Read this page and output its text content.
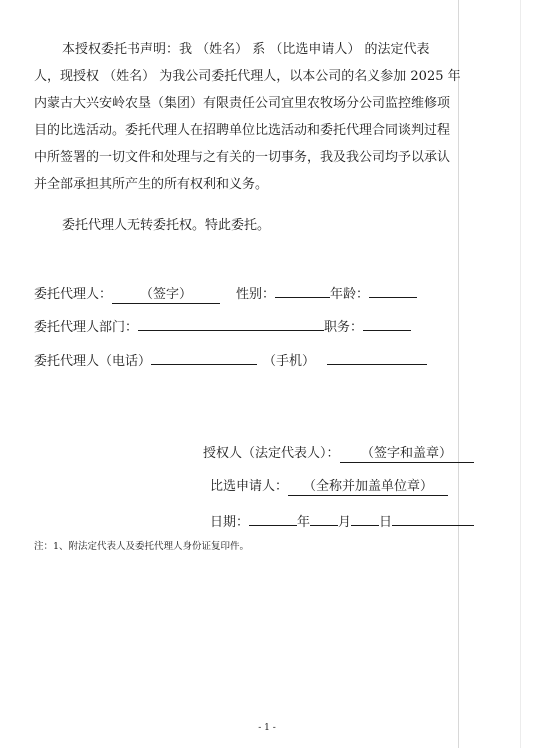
本授权委托书声明：我 （姓名） 系 （比选申请人） 的法定代表
人，现授权 （姓名） 为我公司委托代理人，以本公司的名义参加 2025 年
内蒙古大兴安岭农垦（集团）有限责任公司宜里农牧场分公司监控维修项
目的比选活动。委托代理人在招聘单位比选活动和委托代理合同谈判过程
中所签署的一切文件和处理与之有关的一切事务，我及我公司均予以承认
并全部承担其所产生的所有权利和义务。
委托代理人无转委托权。特此委托。
委托代理人： （签字）	性别：	年龄：
委托代理人部门：	职务：
委托代理人（电话）	（手机）
授权人（法定代表人）： （签字和盖章）
比选申请人： （全称并加盖单位章）
日期：	年 月 日
注：1、附法定代表人及委托代理人身份证复印件。
- 1 -
